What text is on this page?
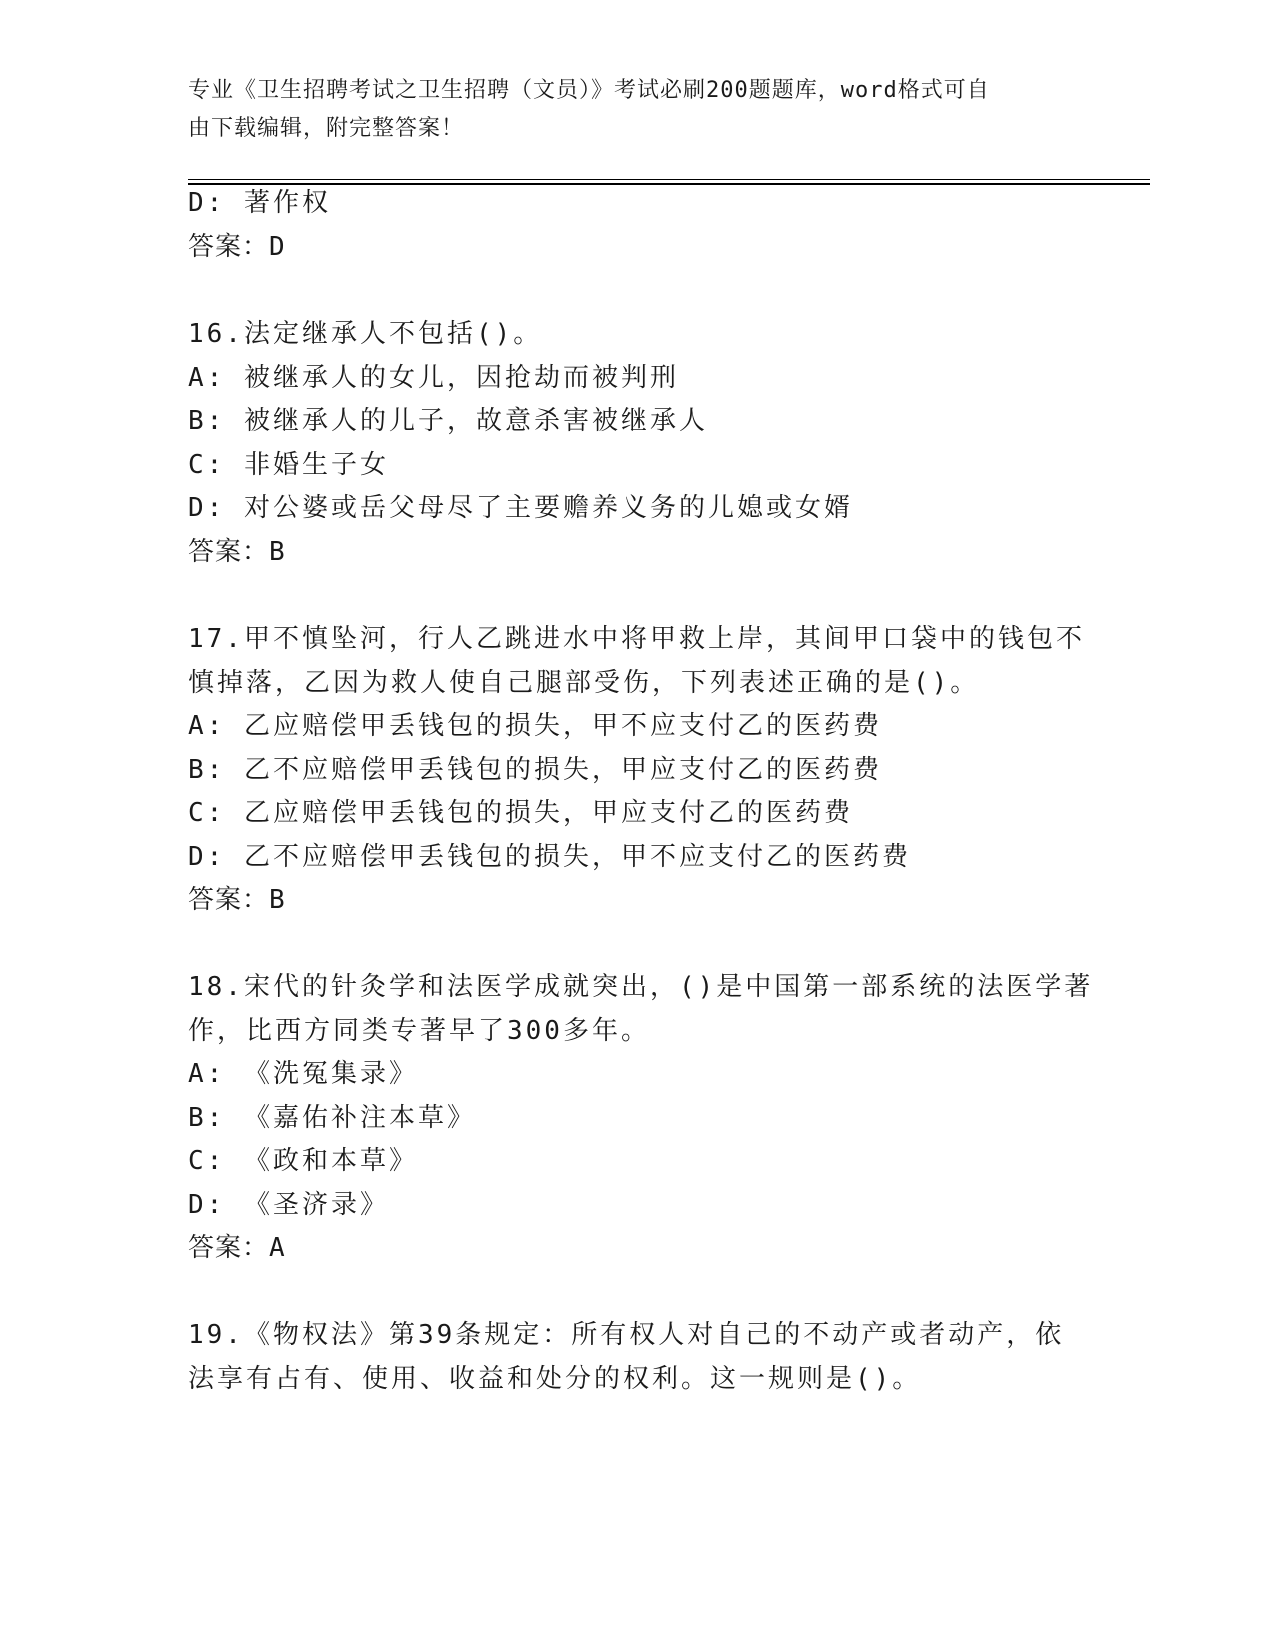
专业《卫生招聘考试之卫生招聘（文员）》考试必刷200题题库，word格式可自
由下载编辑，附完整答案！
D: 著作权
答案：D
16.法定继承人不包括()。
A: 被继承人的女儿，因抢劫而被判刑
B: 被继承人的儿子，故意杀害被继承人
C: 非婚生子女
D: 对公婆或岳父母尽了主要赡养义务的儿媳或女婿
答案：B
17.甲不慎坠河，行人乙跳进水中将甲救上岸，其间甲口袋中的钱包不
慎掉落，乙因为救人使自己腿部受伤，下列表述正确的是()。
A: 乙应赔偿甲丢钱包的损失，甲不应支付乙的医药费
B: 乙不应赔偿甲丢钱包的损失，甲应支付乙的医药费
C: 乙应赔偿甲丢钱包的损失，甲应支付乙的医药费
D: 乙不应赔偿甲丢钱包的损失，甲不应支付乙的医药费
答案：B
18.宋代的针灸学和法医学成就突出，()是中国第一部系统的法医学著
作，比西方同类专著早了300多年。
A: 《洗冤集录》
B: 《嘉佑补注本草》
C: 《政和本草》
D: 《圣济录》
答案：A
19.《物权法》第39条规定：所有权人对自己的不动产或者动产，依
法享有占有、使用、收益和处分的权利。这一规则是()。
